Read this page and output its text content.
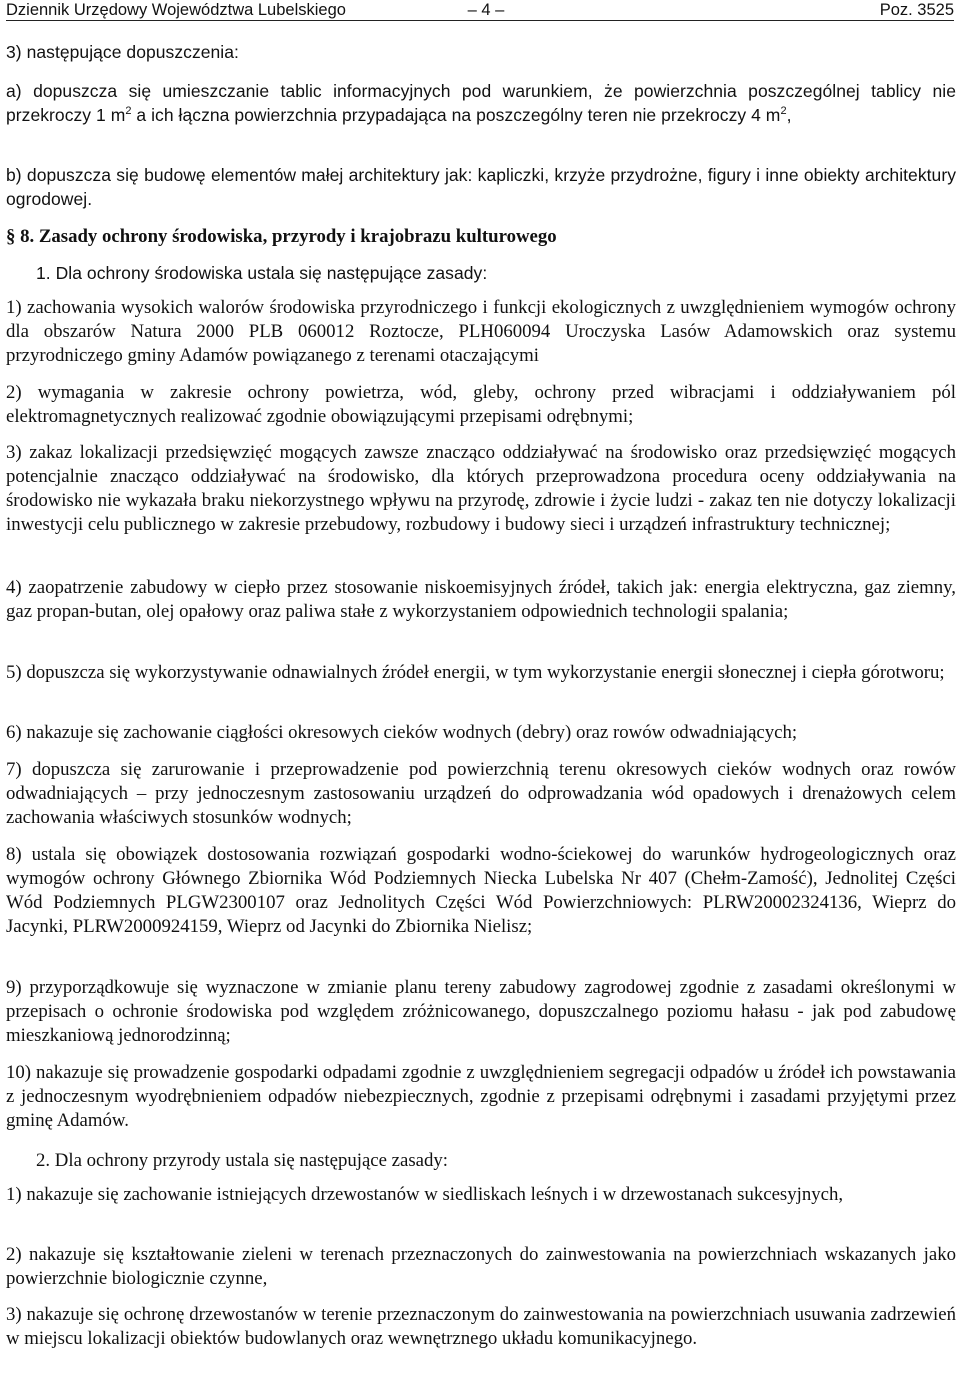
Dziennik Urzędowy Województwa Lubelskiego	– 4 –	Poz. 3525
3) następujące dopuszczenia:
a) dopuszcza się umieszczanie tablic informacyjnych pod warunkiem, że powierzchnia poszczególnej tablicy nie przekroczy 1 $m^2$ a ich łączna powierzchnia przypadająca na poszczególny teren nie przekroczy 4 $m^2$,
b) dopuszcza się budowę elementów małej architektury jak: kapliczki, krzyże przydrożne, figury i inne obiekty architektury ogrodowej.
§ 8. Zasady ochrony środowiska, przyrody i krajobrazu kulturowego
1. Dla ochrony środowiska ustala się następujące zasady:
1) zachowania wysokich walorów środowiska przyrodniczego i funkcji ekologicznych z uwzględnieniem wymogów ochrony dla obszarów Natura 2000 PLB 060012 Roztocze, PLH060094 Uroczyska Lasów Adamowskich oraz systemu przyrodniczego gminy Adamów powiązanego z terenami otaczającymi
2) wymagania w zakresie ochrony powietrza, wód, gleby, ochrony przed wibracjami i oddziaływaniem pól elektromagnetycznych realizować zgodnie obowiązującymi przepisami odrębnymi;
3) zakaz lokalizacji przedsięwzięć mogących zawsze znacząco oddziaływać na środowisko oraz przedsięwzięć mogących potencjalnie znacząco oddziaływać na środowisko, dla których przeprowadzona procedura oceny oddziaływania na środowisko nie wykazała braku niekorzystnego wpływu na przyrodę, zdrowie i życie ludzi - zakaz ten nie dotyczy lokalizacji inwestycji celu publicznego w zakresie przebudowy, rozbudowy i budowy sieci i urządzeń infrastruktury technicznej;
4) zaopatrzenie zabudowy w ciepło przez stosowanie niskoemisyjnych źródeł, takich jak: energia elektryczna, gaz ziemny, gaz propan-butan, olej opałowy oraz paliwa stałe z wykorzystaniem odpowiednich technologii spalania;
5) dopuszcza się wykorzystywanie odnawialnych źródeł energii, w tym wykorzystanie energii słonecznej i ciepła górotworu;
6) nakazuje się zachowanie ciągłości okresowych cieków wodnych (debry) oraz rowów odwadniających;
7) dopuszcza się zarurowanie i przeprowadzenie pod powierzchnią terenu okresowych cieków wodnych oraz rowów odwadniających – przy jednoczesnym zastosowaniu urządzeń do odprowadzania wód opadowych i drenażowych celem zachowania właściwych stosunków wodnych;
8) ustala się obowiązek dostosowania rozwiązań gospodarki wodno-ściekowej do warunków hydrogeologicznych oraz wymogów ochrony Głównego Zbiornika Wód Podziemnych Niecka Lubelska Nr 407 (Chełm-Zamość), Jednolitej Części Wód Podziemnych PLGW2300107 oraz Jednolitych Części Wód Powierzchniowych: PLRW20002324136, Wieprz do Jacynki, PLRW2000924159, Wieprz od Jacynki do Zbiornika Nielisz;
9) przyporządkowuje się wyznaczone w zmianie planu tereny zabudowy zagrodowej zgodnie z zasadami określonymi w przepisach o ochronie środowiska pod względem zróżnicowanego, dopuszczalnego poziomu hałasu - jak pod zabudowę mieszkaniową jednorodzinną;
10) nakazuje się prowadzenie gospodarki odpadami zgodnie z uwzględnieniem segregacji odpadów u źródeł ich powstawania z jednoczesnym wyodrębnieniem odpadów niebezpiecznych, zgodnie z przepisami odrębnymi i zasadami przyjętymi przez gminę Adamów.
2. Dla ochrony przyrody ustala się następujące zasady:
1) nakazuje się zachowanie istniejących drzewostanów w siedliskach leśnych i w drzewostanach sukcesyjnych,
2) nakazuje się kształtowanie zieleni w terenach przeznaczonych do zainwestowania na powierzchniach wskazanych jako powierzchnie biologicznie czynne,
3) nakazuje się ochronę drzewostanów w terenie przeznaczonym do zainwestowania na powierzchniach usuwania zadrzewień w miejscu lokalizacji obiektów budowlanych oraz wewnętrznego układu komunikacyjnego.
